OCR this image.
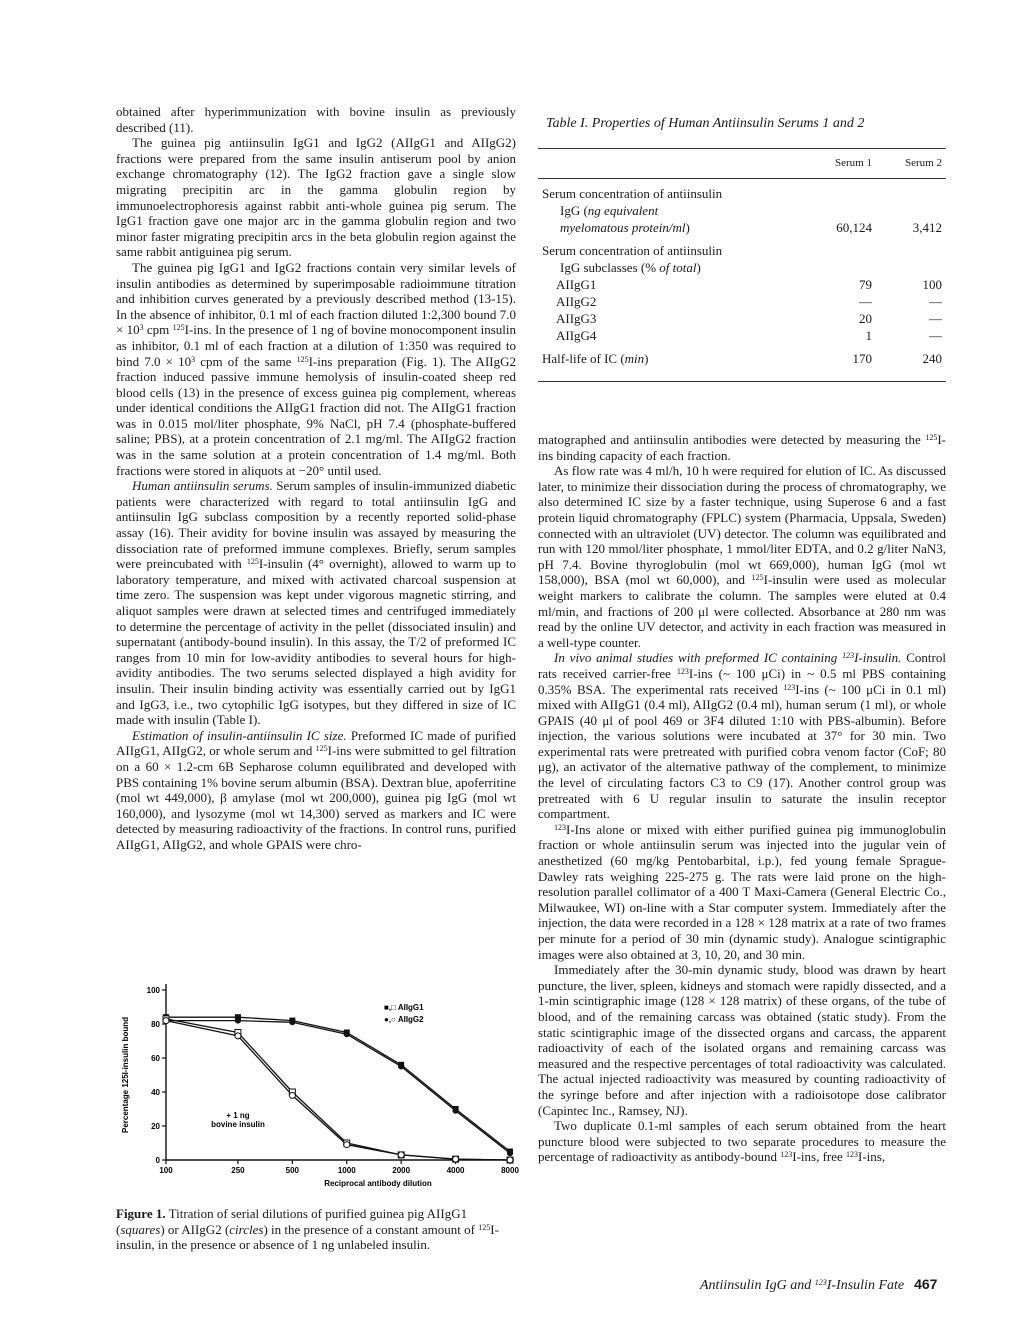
obtained after hyperimmunization with bovine insulin as previously described (11).

The guinea pig antiinsulin IgG1 and IgG2 (AIIgG1 and AIIgG2) fractions were prepared from the same insulin antiserum pool by anion exchange chromatography (12). The IgG2 fraction gave a single slow migrating precipitin arc in the gamma globulin region by immunoelectrophoresis against rabbit anti-whole guinea pig serum. The IgG1 fraction gave one major arc in the gamma globulin region and two minor faster migrating precipitin arcs in the beta globulin region against the same rabbit antiguinea pig serum.

The guinea pig IgG1 and IgG2 fractions contain very similar levels of insulin antibodies as determined by superimposable radioimmune titration and inhibition curves generated by a previously described method (13-15). In the absence of inhibitor, 0.1 ml of each fraction diluted 1:2,300 bound $7.0 \times 10^3$ cpm $^{125}$I-ins. In the presence of 1 ng of bovine monocomponent insulin as inhibitor, 0.1 ml of each fraction at a dilution of 1:350 was required to bind $7.0 \times 10^3$ cpm of the same $^{125}$I-ins preparation (Fig. 1). The AIIgG2 fraction induced passive immune hemolysis of insulin-coated sheep red blood cells (13) in the presence of excess guinea pig complement, whereas under identical conditions the AIIgG1 fraction did not. The AIIgG1 fraction was in 0.015 mol/liter phosphate, 9% NaCl, pH 7.4 (phosphate-buffered saline; PBS), at a protein concentration of 2.1 mg/ml. The AIIgG2 fraction was in the same solution at a protein concentration of 1.4 mg/ml. Both fractions were stored in aliquots at −20° until used.

Human antiinsulin serums. Serum samples of insulin-immunized diabetic patients were characterized with regard to total antiinsulin IgG and antiinsulin IgG subclass composition by a recently reported solid-phase assay (16). Their avidity for bovine insulin was assayed by measuring the dissociation rate of preformed immune complexes. Briefly, serum samples were preincubated with $^{125}$I-insulin (4° overnight), allowed to warm up to laboratory temperature, and mixed with activated charcoal suspension at time zero. The suspension was kept under vigorous magnetic stirring, and aliquot samples were drawn at selected times and centrifuged immediately to determine the percentage of activity in the pellet (dissociated insulin) and supernatant (antibody-bound insulin). In this assay, the T/2 of preformed IC ranges from 10 min for low-avidity antibodies to several hours for high-avidity antibodies. The two serums selected displayed a high avidity for insulin. Their insulin binding activity was essentially carried out by IgG1 and IgG3, i.e., two cytophilic IgG isotypes, but they differed in size of IC made with insulin (Table I).

Estimation of insulin-antiinsulin IC size. Preformed IC made of purified AIIgG1, AIIgG2, or whole serum and $^{125}$I-ins were submitted to gel filtration on a 60 × 1.2-cm 6B Sepharose column equilibrated and developed with PBS containing 1% bovine serum albumin (BSA). Dextran blue, apoferritine (mol wt 449,000), β amylase (mol wt 200,000), guinea pig IgG (mol wt 160,000), and lysozyme (mol wt 14,300) served as markers and IC were detected by measuring radioactivity of the fractions. In control runs, purified AIIgG1, AIIgG2, and whole GPAIS were chro-

Table I. Properties of Human Antiinsulin Serums 1 and 2
	Serum 1	Serum 2

Serum concentration of antiinsulin
IgG (ng equivalent
myelomatous protein/ml)	60,124	3,412

Serum concentration of antiinsulin
IgG subclasses (% of total)		

AIIgG1	79	100
AIIgG2	—	—
AIIgG3	20	—
AIIgG4	1	—
Half-life of IC (min)	170	240

matographed and antiinsulin antibodies were detected by measuring the $^{125}$I-ins binding capacity of each fraction.

As flow rate was 4 ml/h, 10 h were required for elution of IC. As discussed later, to minimize their dissociation during the process of chromatography, we also determined IC size by a faster technique, using Superose 6 and a fast protein liquid chromatography (FPLC) system (Pharmacia, Uppsala, Sweden) connected with an ultraviolet (UV) detector. The column was equilibrated and run with 120 mmol/liter phosphate, 1 mmol/liter EDTA, and 0.2 g/liter NaN3, pH 7.4. Bovine thyroglobulin (mol wt 669,000), human IgG (mol wt 158,000), BSA (mol wt 60,000), and $^{125}$I-insulin were used as molecular weight markers to calibrate the column. The samples were eluted at 0.4 ml/min, and fractions of 200 μl were collected. Absorbance at 280 nm was read by the online UV detector, and activity in each fraction was measured in a well-type counter.

In vivo animal studies with preformed IC containing $^{123}$I-insulin. Control rats received carrier-free $^{123}$I-ins (~ 100 μCi) in ~ 0.5 ml PBS containing 0.35% BSA. The experimental rats received $^{123}$I-ins (~ 100 μCi in 0.1 ml) mixed with AIIgG1 (0.4 ml), AIIgG2 (0.4 ml), human serum (1 ml), or whole GPAIS (40 μl of pool 469 or 3F4 diluted 1:10 with PBS-albumin). Before injection, the various solutions were incubated at 37° for 30 min. Two experimental rats were pretreated with purified cobra venom factor (CoF; 80 μg), an activator of the alternative pathway of the complement, to minimize the level of circulating factors C3 to C9 (17). Another control group was pretreated with 6 U regular insulin to saturate the insulin receptor compartment.

$^{123}$I-Ins alone or mixed with either purified guinea pig immunoglobulin fraction or whole antiinsulin serum was injected into the jugular vein of anesthetized (60 mg/kg Pentobarbital, i.p.), fed young female Sprague-Dawley rats weighing 225-275 g. The rats were laid prone on the high-resolution parallel collimator of a 400 T Maxi-Camera (General Electric Co., Milwaukee, WI) on-line with a Star computer system. Immediately after the injection, the data were recorded in a 128 × 128 matrix at a rate of two frames per minute for a period of 30 min (dynamic study). Analogue scintigraphic images were also obtained at 3, 10, 20, and 30 min.

Immediately after the 30-min dynamic study, blood was drawn by heart puncture, the liver, spleen, kidneys and stomach were rapidly dissected, and a 1-min scintigraphic image (128 × 128 matrix) of these organs, of the tube of blood, and of the remaining carcass was obtained (static study). From the static scintigraphic image of the dissected organs and carcass, the apparent radioactivity of each of the isolated organs and remaining carcass was measured and the respective percentages of total radioactivity was calculated. The actual injected radioactivity was measured by counting radioactivity of the syringe before and after injection with a radioisotope dose calibrator (Capintec Inc., Ramsey, NJ).

Two duplicate 0.1-ml samples of each serum obtained from the heart puncture blood were subjected to two separate procedures to measure the percentage of radioactivity as antibody-bound $^{123}$I-ins, free $^{123}$I-ins,

0
20
40
60
80
100
100	250	500	1000	2000	4000	8000
Reciprocal antibody dilution
Percentage 125I-insulin bound
■,□ AIIgG1
●,○ AIIgG2
+ 1 ng
bovine insulin
Figure 1. Titration of serial dilutions of purified guinea pig AIIgG1 (squares) or AIIgG2 (circles) in the presence of a constant amount of $^{125}$I-insulin, in the presence or absence of 1 ng unlabeled insulin.
Antiinsulin IgG and $^{123}$I-Insulin Fate 467
